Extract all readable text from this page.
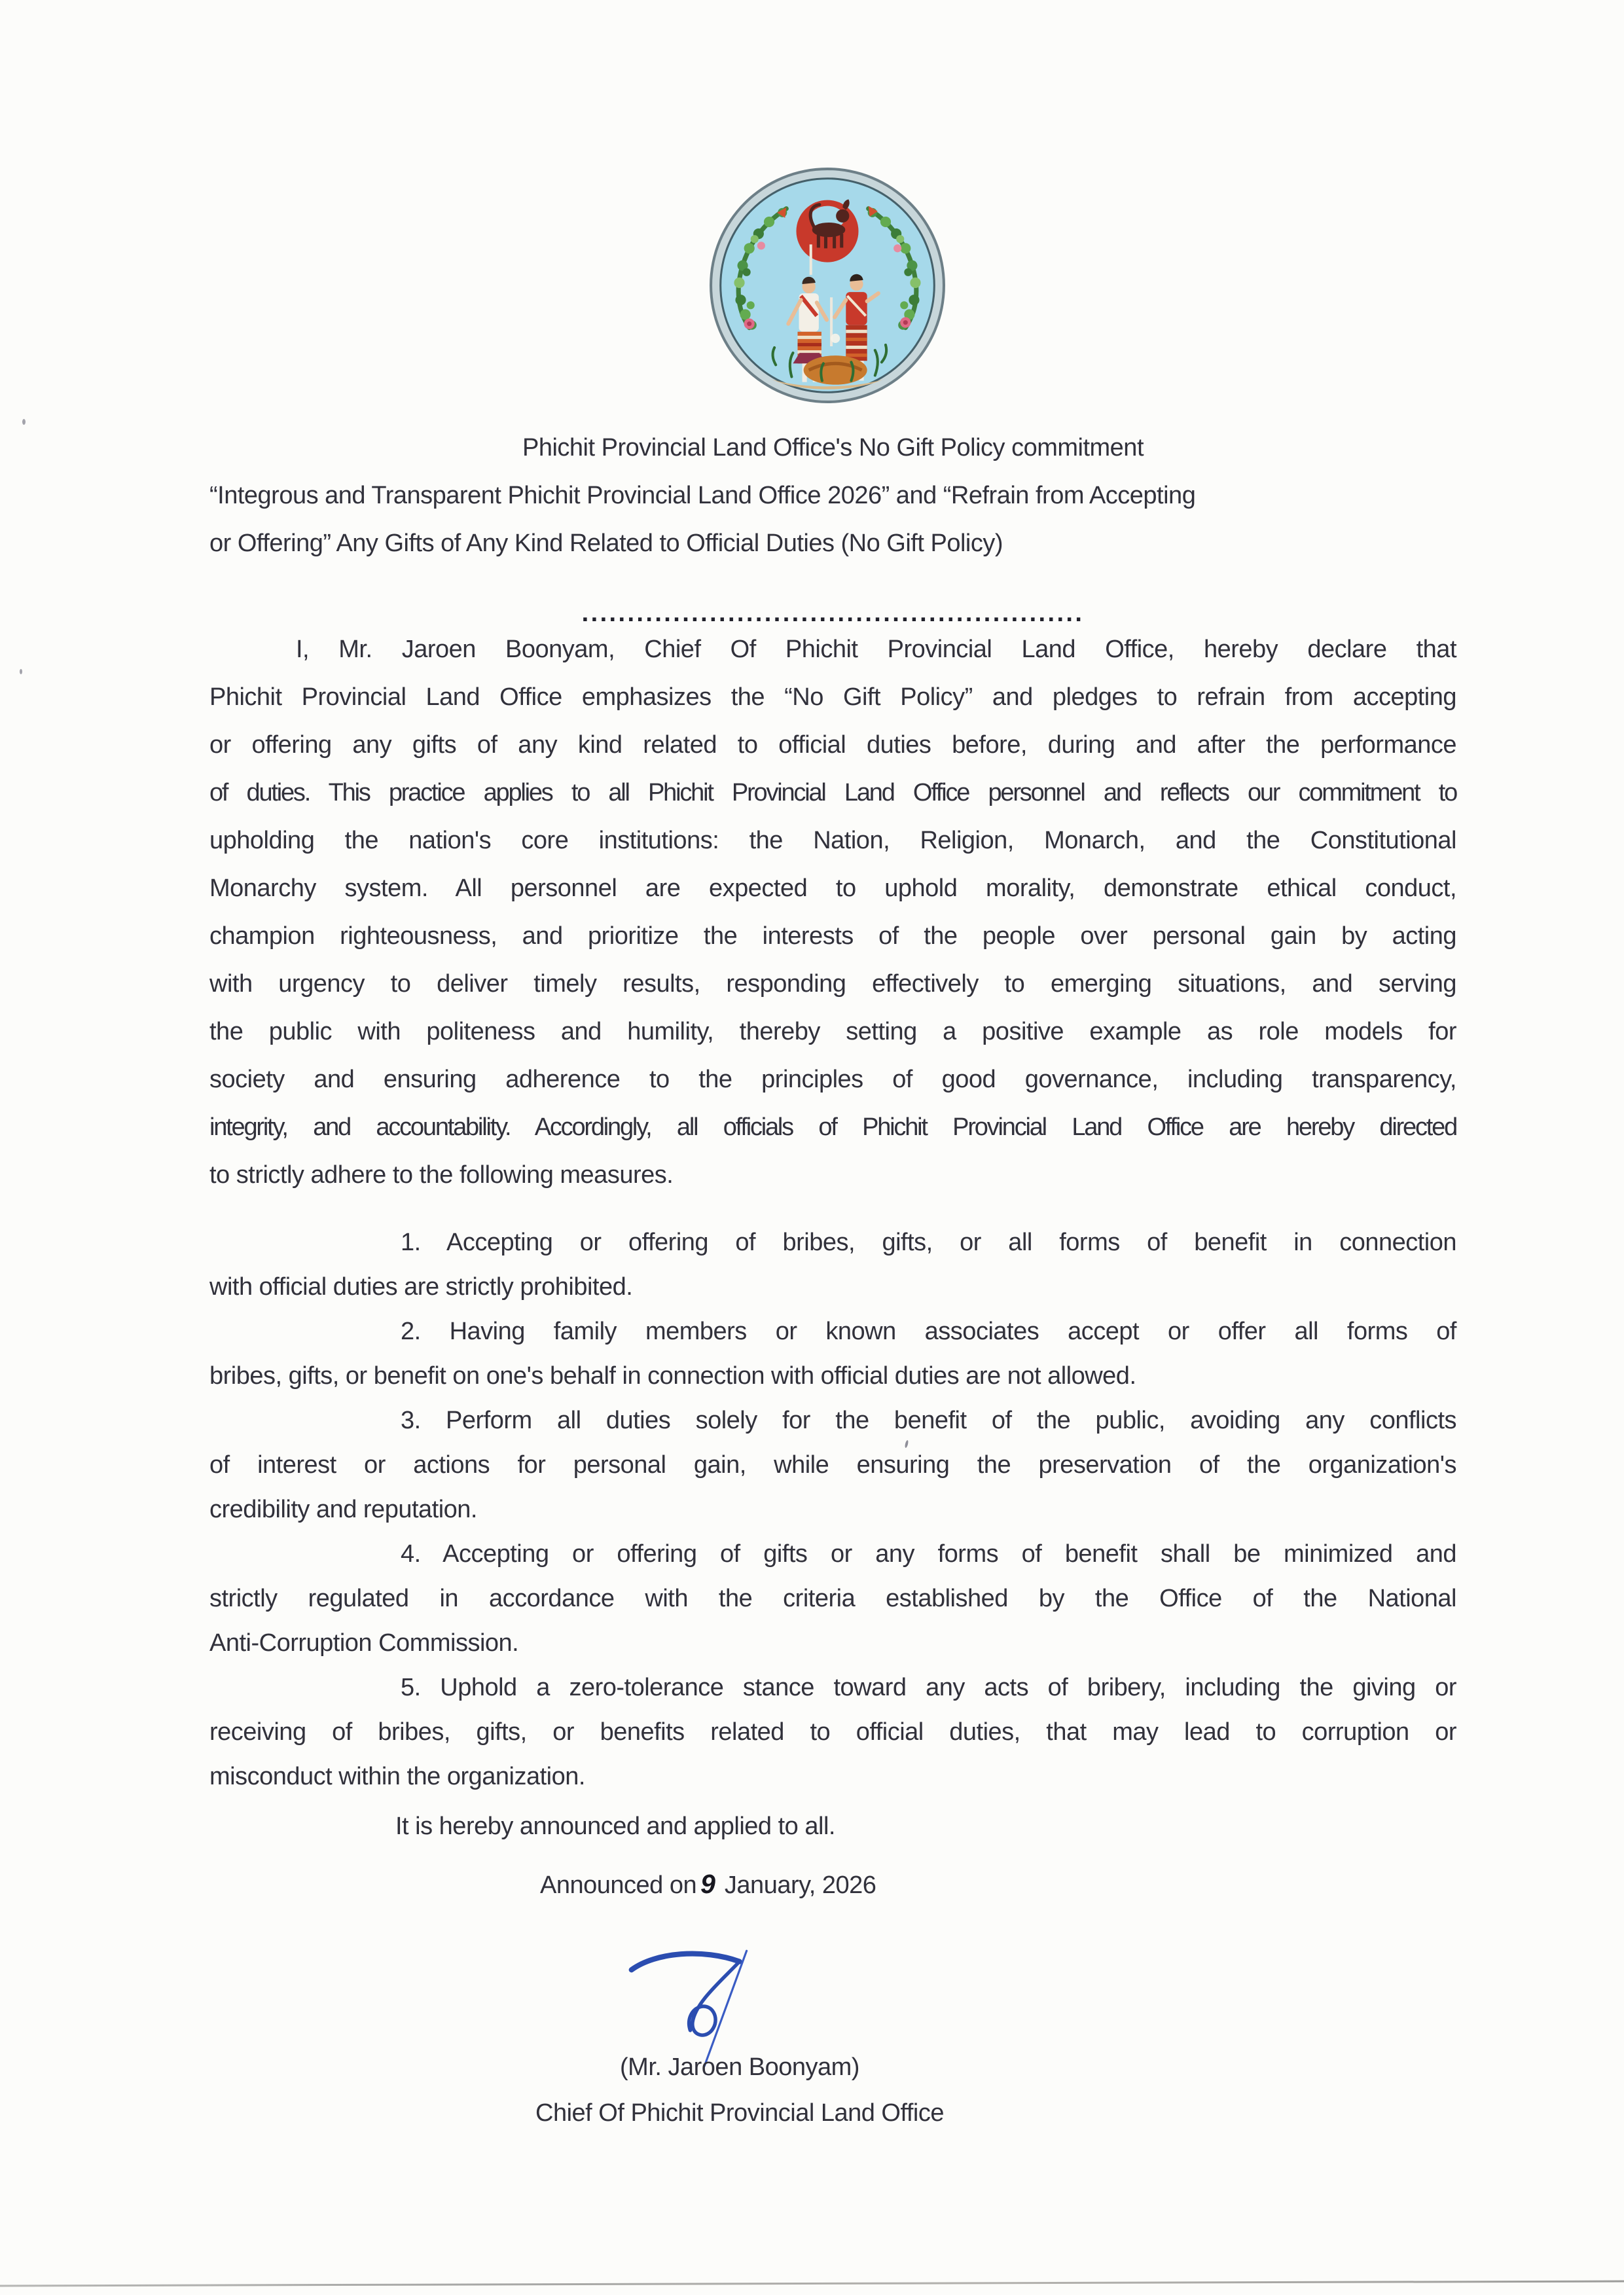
Phichit Provincial Land Office's No Gift Policy commitment
“Integrous and Transparent Phichit Provincial Land Office 2026” and “Refrain from Accepting
or Offering” Any Gifts of Any Kind Related to Official Duties (No Gift Policy)
.......................................................
I, Mr. Jaroen Boonyam, Chief Of Phichit Provincial Land Office, hereby declare that
Phichit Provincial Land Office emphasizes the “No Gift Policy” and pledges to refrain from accepting
or offering any gifts of any kind related to official duties before, during and after the performance
of duties. This practice applies to all Phichit Provincial Land Office personnel and reflects our commitment to
upholding the nation's core institutions: the Nation, Religion, Monarch, and the Constitutional
Monarchy system. All personnel are expected to uphold morality, demonstrate ethical conduct,
champion righteousness, and prioritize the interests of the people over personal gain by acting
with urgency to deliver timely results, responding effectively to emerging situations, and serving
the public with politeness and humility, thereby setting a positive example as role models for
society and ensuring adherence to the principles of good governance, including transparency,
integrity, and accountability. Accordingly, all officials of Phichit Provincial Land Office are hereby directed
to strictly adhere to the following measures.
1. Accepting or offering of bribes, gifts, or all forms of benefit in connection
with official duties are strictly prohibited.
2. Having family members or known associates accept or offer all forms of
bribes, gifts, or benefit on one's behalf in connection with official duties are not allowed.
3. Perform all duties solely for the benefit of the public, avoiding any conflicts
of interest or actions for personal gain, while ensuring the preservation of the organization's
credibility and reputation.
4. Accepting or offering of gifts or any forms of benefit shall be minimized and
strictly regulated in accordance with the criteria established by the Office of the National
Anti-Corruption Commission.
5. Uphold a zero-tolerance stance toward any acts of bribery, including the giving or
receiving of bribes, gifts, or benefits related to official duties, that may lead to corruption or
misconduct within the organization.
It is hereby announced and applied to all.
Announced on 9 January, 2026
(Mr. Jaroen Boonyam)
Chief Of Phichit Provincial Land Office
